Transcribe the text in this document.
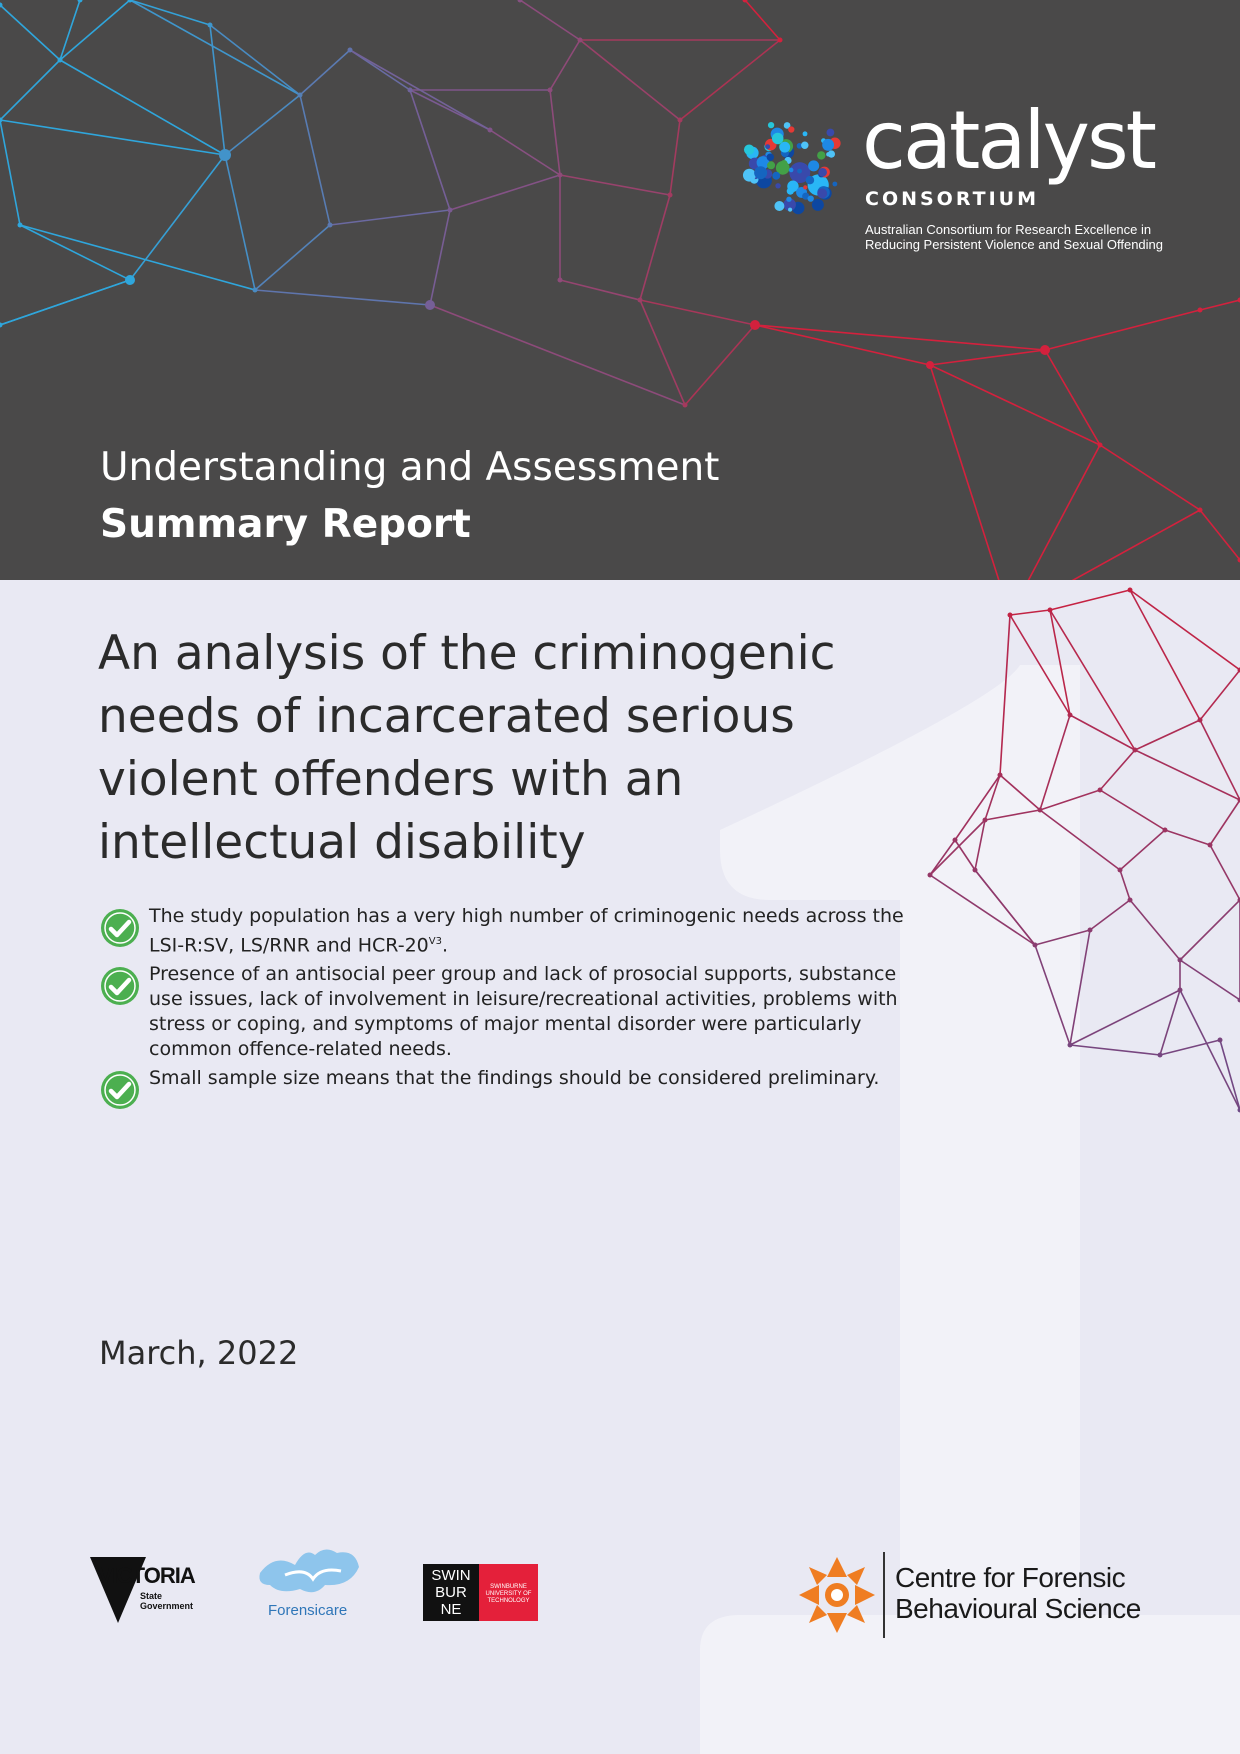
catalyst
CONSORTIUM
Australian Consortium for Research Excellence in Reducing Persistent Violence and Sexual Offending
Understanding and Assessment
Summary Report
An analysis of the criminogenic needs of incarcerated serious violent offenders with an intellectual disability
The study population has a very high number of criminogenic needs across the LSI-R:SV, LS/RNR and HCR-$20^{V3}$.
Presence of an antisocial peer group and lack of prosocial supports, substance use issues, lack of involvement in leisure/recreational activities, problems with stress or coping, and symptoms of major mental disorder were particularly common offence-related needs.
Small sample size means that the findings should be considered preliminary.
March, 2022
VICTORIA
State Government	Forensicare
SWIN BUR NE
SWINBURNE UNIVERSITY OF TECHNOLOGY
Centre for Forensic
Behavioural Science
